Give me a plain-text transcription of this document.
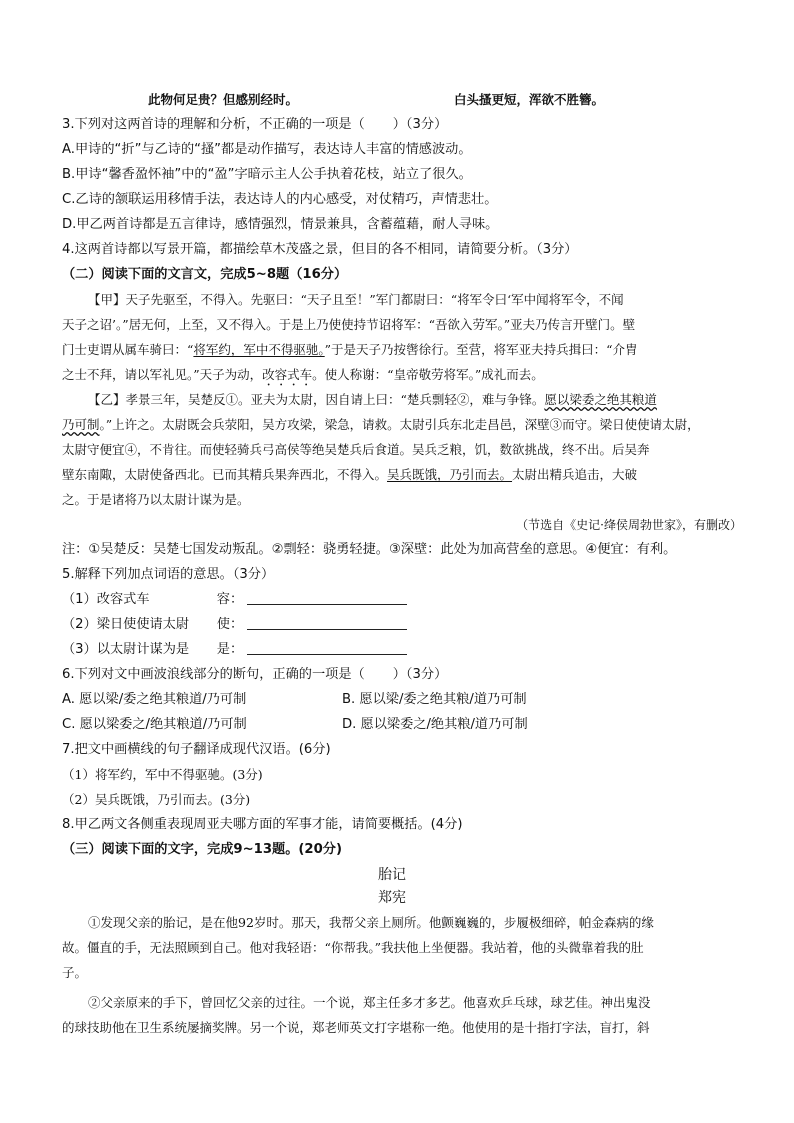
此物何足贵？但感别经时。	白头搔更短，浑欲不胜簪。
3.下列对这两首诗的理解和分析，不正确的一项是（ ）（3分）
A.甲诗的“折”与乙诗的“搔”都是动作描写，表达诗人丰富的情感波动。
B.甲诗“馨香盈怀袖”中的“盈”字暗示主人公手执着花枝，站立了很久。
C.乙诗的颔联运用移情手法，表达诗人的内心感受，对仗精巧，声情悲壮。
D.甲乙两首诗都是五言律诗，感情强烈，情景兼具，含蓄蕴藉，耐人寻味。
4.这两首诗都以写景开篇，都描绘草木茂盛之景，但目的各不相同，请简要分析。（3分）
（二）阅读下面的文言文，完成5~8题（16分）
【甲】天子先驱至，不得入。先驱曰：“天子且至！”军门都尉曰：“将军令曰‘军中闻将军令，不闻
天子之诏’。”居无何，上至，又不得入。于是上乃使使持节诏将军：“吾欲入劳军。”亚夫乃传言开壁门。壁
门士吏谓从属车骑曰：“将军约，军中不得驱驰。”于是天子乃按辔徐行。至营，将军亚夫持兵揖曰：“介胄
之士不拜，请以军礼见。”天子为动，改容式车。使人称谢：“皇帝敬劳将军。”成礼而去。
【乙】孝景三年，吴楚反①。亚夫为太尉，因自请上曰：“楚兵剽轻②，难与争锋。愿以梁委之绝其粮道
乃可制。”上许之。太尉既会兵荥阳，吴方攻梁，梁急，请救。太尉引兵东北走昌邑，深壁③而守。梁日使使请太尉，
太尉守便宜④，不肯往。而使轻骑兵弓高侯等绝吴楚兵后食道。吴兵乏粮，饥，数欲挑战，终不出。后吴奔
壁东南陬，太尉使备西北。已而其精兵果奔西北，不得入。吴兵既饿，乃引而去。太尉出精兵追击，大破
之。于是诸将乃以太尉计谋为是。
（节选自《史记·绛侯周勃世家》，有删改）
注：①吴楚反：吴楚七国发动叛乱。②剽轻：骁勇轻捷。③深壁：此处为加高营垒的意思。④便宜：有利。
5.解释下列加点词语的意思。（3分）
（1）改容式车	容：
（2）梁日使使请太尉 使：
（3）以太尉计谋为是 是：
6.下列对文中画波浪线部分的断句，正确的一项是（ ）（3分）
A. 愿以梁/委之绝其粮道/乃可制	B. 愿以梁/委之绝其粮/道乃可制
C. 愿以梁委之/绝其粮道/乃可制	D. 愿以梁委之/绝其粮/道乃可制
7.把文中画横线的句子翻译成现代汉语。(6分)
（1）将军约，军中不得驱驰。(3分)
（2）吴兵既饿，乃引而去。(3分)
8.甲乙两文各侧重表现周亚夫哪方面的军事才能，请简要概括。(4分)
（三）阅读下面的文字，完成9~13题。(20分)
胎记
郑宪
①发现父亲的胎记，是在他92岁时。那天，我帮父亲上厕所。他颤巍巍的，步履极细碎，帕金森病的缘
故。僵直的手，无法照顾到自己。他对我轻语：“你帮我。”我扶他上坐便器。我站着，他的头微靠着我的肚
子。
②父亲原来的手下，曾回忆父亲的过往。一个说，郑主任多才多艺。他喜欢乒乓球，球艺佳。神出鬼没
的球技助他在卫生系统屡摘奖牌。另一个说，郑老师英文打字堪称一绝。他使用的是十指打字法，盲打，斜
